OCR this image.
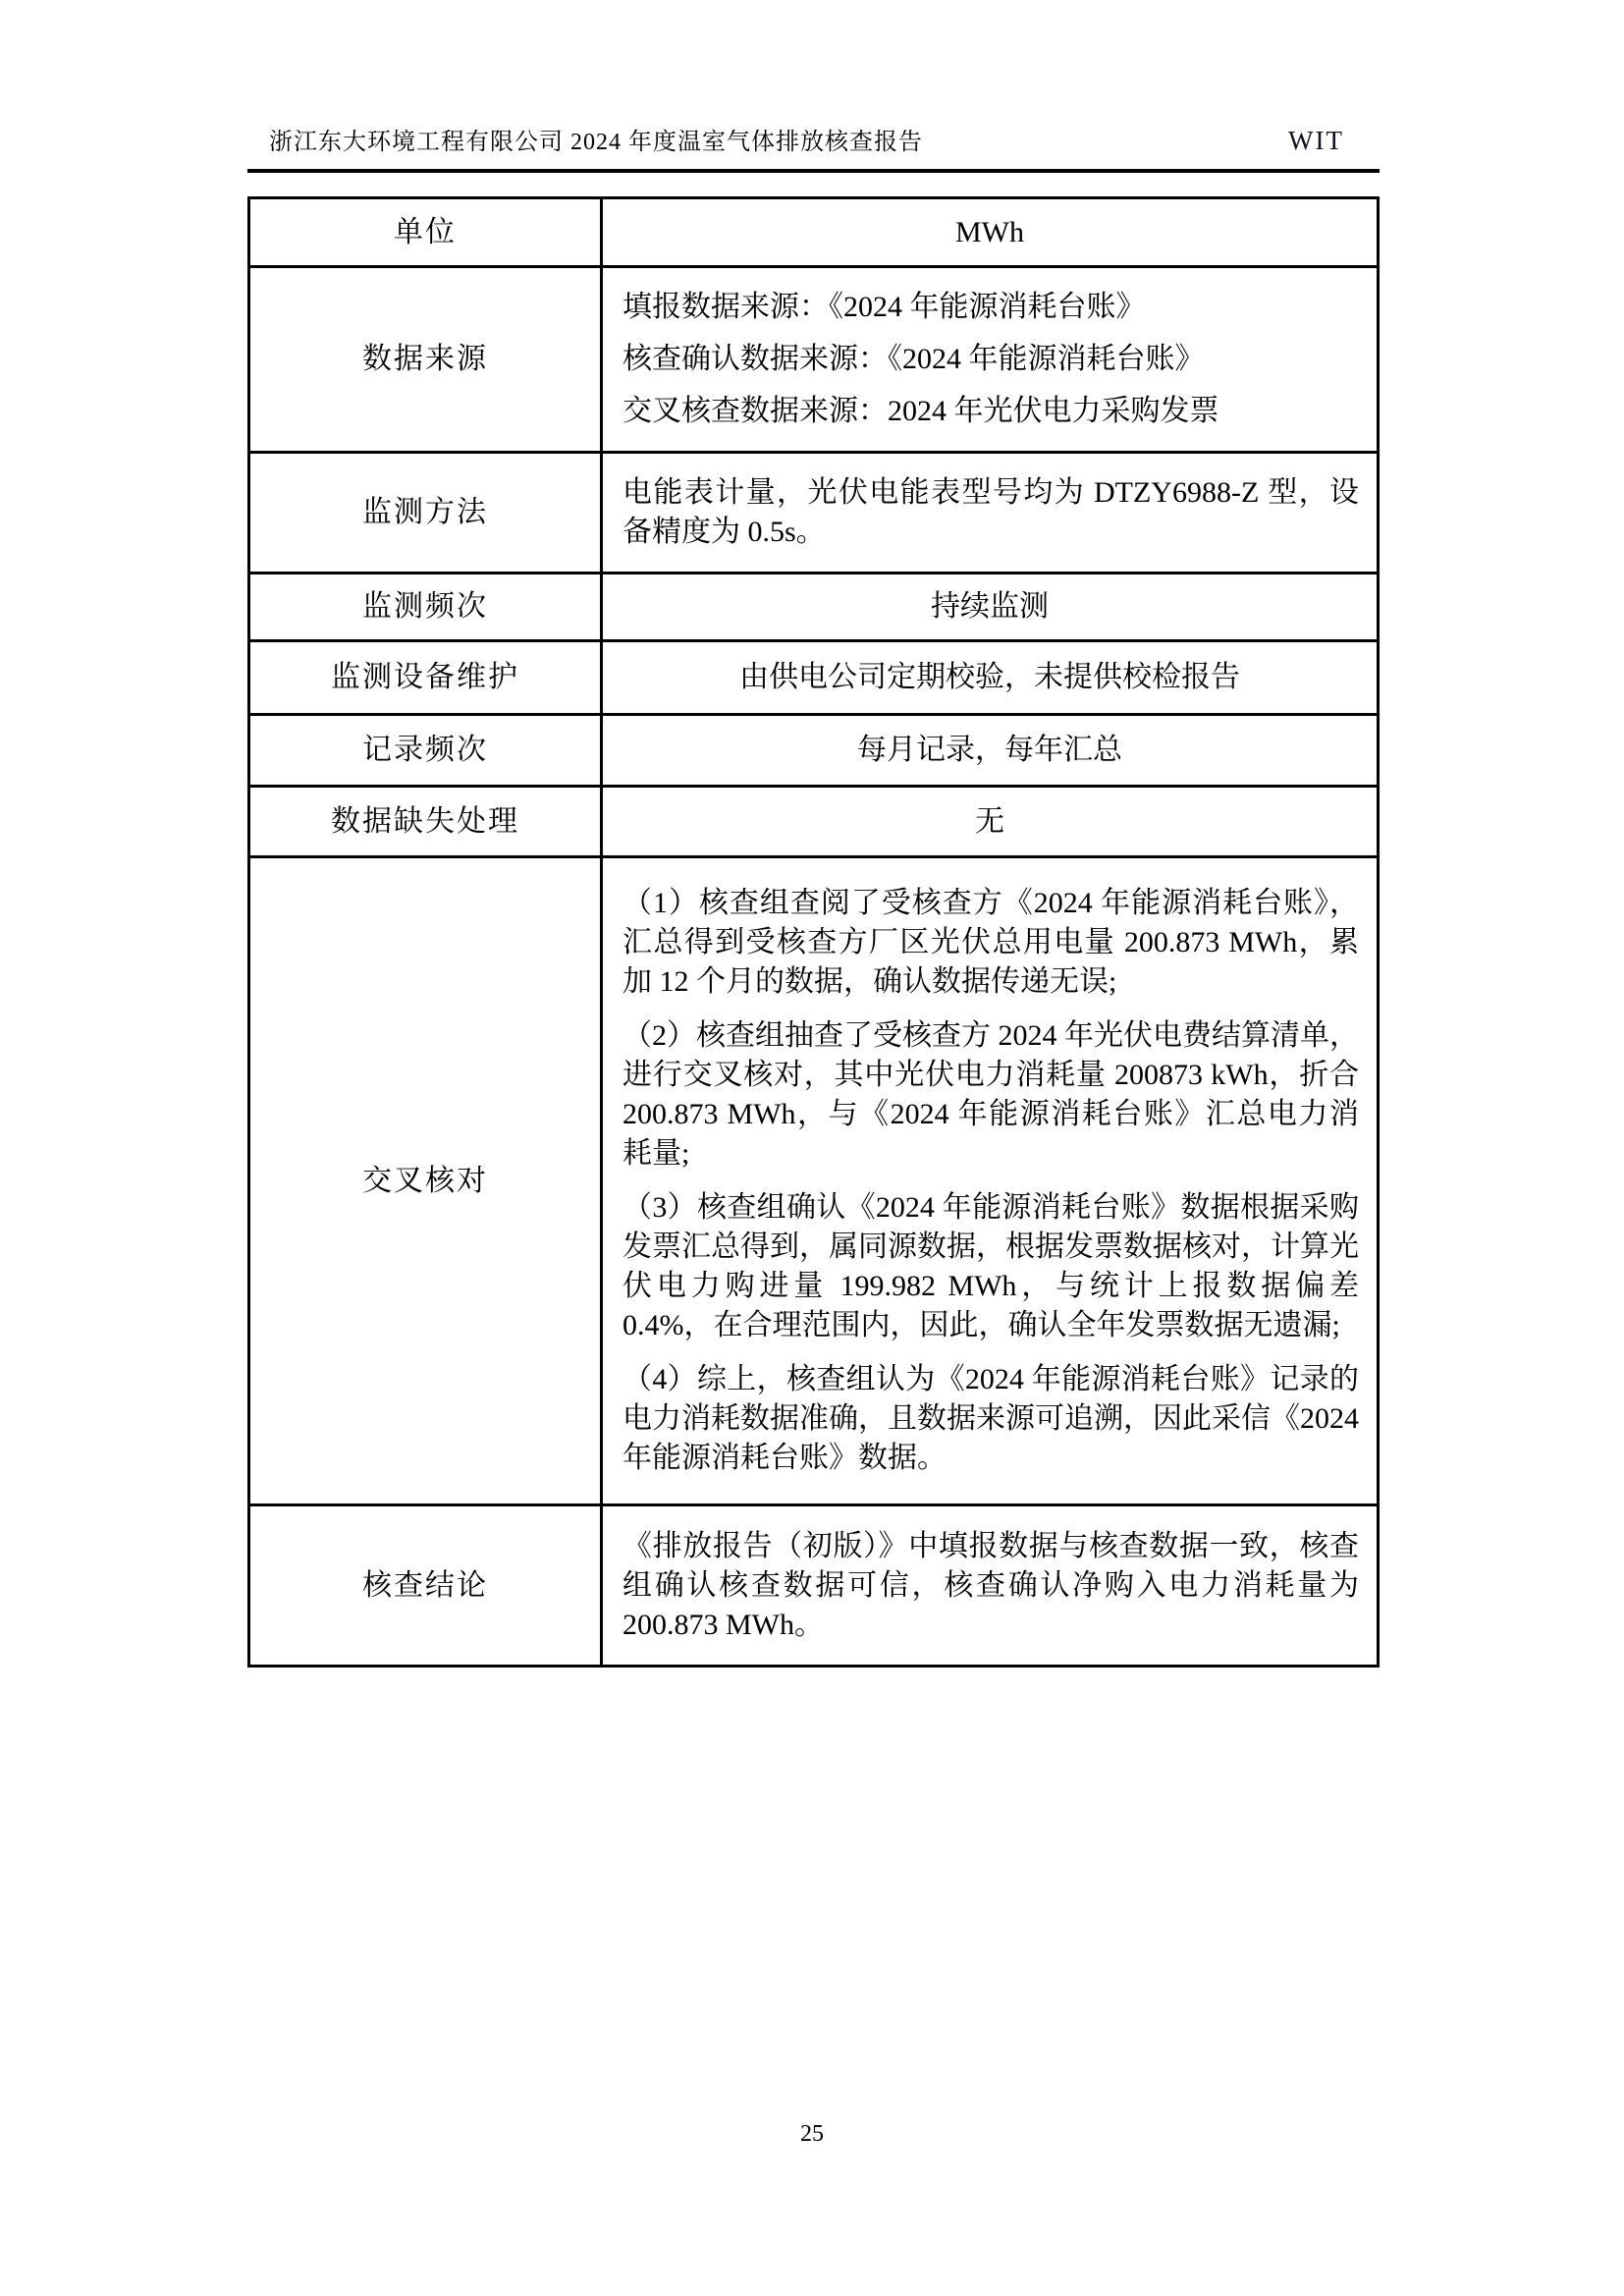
浙江东大环境工程有限公司 2024 年度温室气体排放核查报告	WIT
单位	MWh

数据来源	填报数据来源：《2024 年能源消耗台账》

核查确认数据来源：《2024 年能源消耗台账》

交叉核查数据来源：2024 年光伏电力采购发票

监测方法	电能表计量，光伏电能表型号均为 DTZY6988-Z 型，设备精度为 0.5s。

监测频次	持续监测

监测设备维护	由供电公司定期校验，未提供校检报告

记录频次	每月记录，每年汇总

数据缺失处理	无

交叉核对	（1）核查组查阅了受核查方《2024 年能源消耗台账》，汇总得到受核查方厂区光伏总用电量 200.873 MWh，累加 12 个月的数据，确认数据传递无误;

（2）核查组抽查了受核查方 2024 年光伏电费结算清单，进行交叉核对，其中光伏电力消耗量 200873 kWh，折合 200.873 MWh，与《2024 年能源消耗台账》汇总电力消耗量;

（3）核查组确认《2024 年能源消耗台账》数据根据采购发票汇总得到，属同源数据，根据发票数据核对，计算光伏电力购进量 199.982 MWh，与统计上报数据偏差 0.4%，在合理范围内，因此，确认全年发票数据无遗漏;

（4）综上，核查组认为《2024 年能源消耗台账》记录的电力消耗数据准确，且数据来源可追溯，因此采信《2024 年能源消耗台账》数据。

核查结论	《排放报告（初版）》中填报数据与核查数据一致，核查组确认核查数据可信，核查确认净购入电力消耗量为 200.873 MWh。

25
